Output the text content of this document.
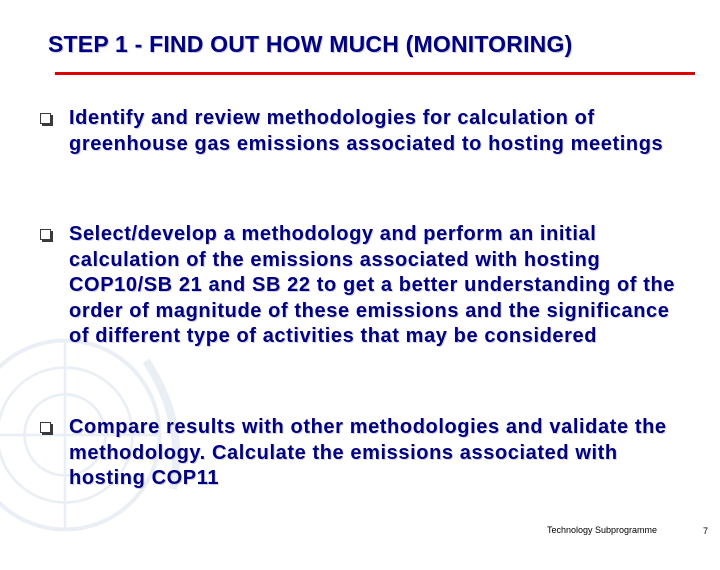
STEP 1 - FIND OUT HOW MUCH (MONITORING)
Identify and review methodologies for calculation of greenhouse gas emissions associated to hosting meetings
Select/develop a methodology and perform an initial calculation of the emissions associated with hosting COP10/SB 21 and SB 22 to get a better understanding of the order of magnitude of these emissions and the significance of different type of activities that may be considered
Compare results with other methodologies and validate the methodology. Calculate the emissions associated with hosting COP11
Technology Subprogramme	7
